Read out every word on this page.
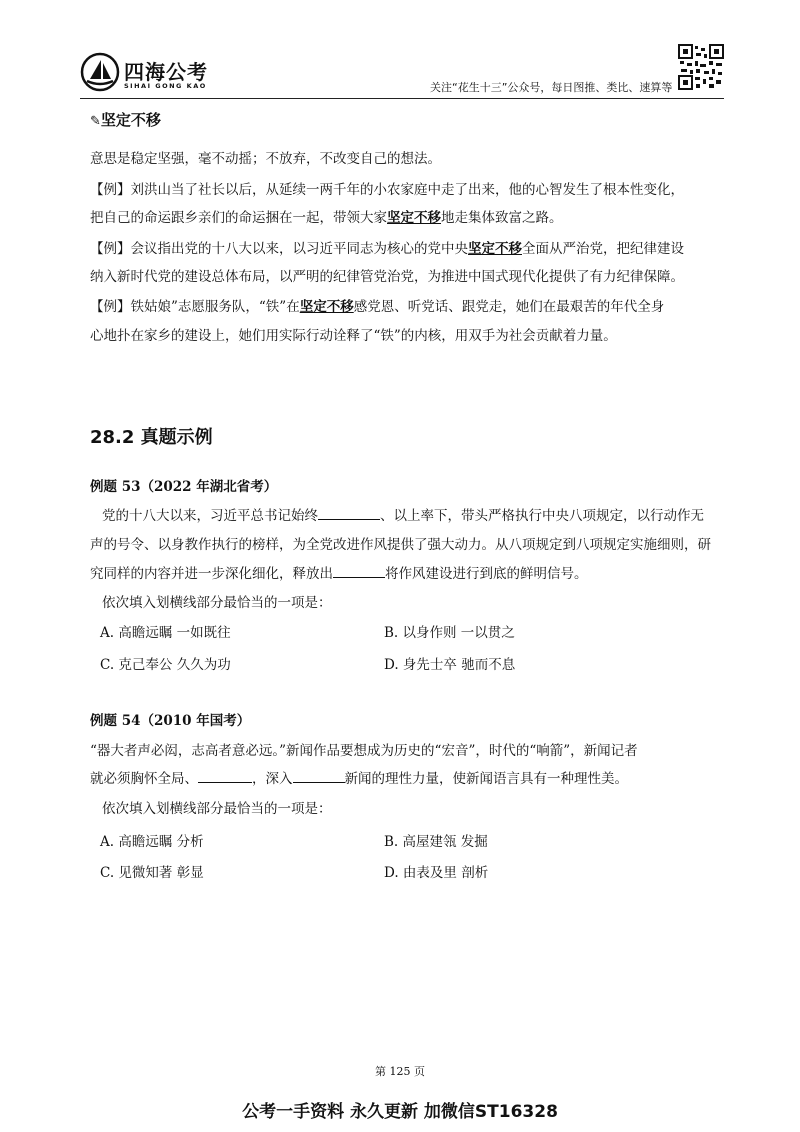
四海公考
SIHAI GONG KAO	关注“花生十三”公众号，每日图推、类比、速算等
✎坚定不移
意思是稳定坚强，毫不动摇；不放弃，不改变自己的想法。
【例】刘洪山当了社长以后，从延续一两千年的小农家庭中走了出来，他的心智发生了根本性变化，
把自己的命运跟乡亲们的命运捆在一起，带领大家坚定不移地走集体致富之路。
【例】会议指出党的十八大以来，以习近平同志为核心的党中央坚定不移全面从严治党，把纪律建设
纳入新时代党的建设总体布局，以严明的纪律管党治党，为推进中国式现代化提供了有力纪律保障。
【例】铁姑娘”志愿服务队，“铁”在坚定不移感党恩、听党话、跟党走，她们在最艰苦的年代全身
心地扑在家乡的建设上，她们用实际行动诠释了“铁”的内核，用双手为社会贡献着力量。
28.2 真题示例
例题 53（2022 年湖北省考）
党的十八大以来，习近平总书记始终	、以上率下，带头严格执行中央八项规定，以行动作无
声的号令、以身教作执行的榜样，为全党改进作风提供了强大动力。从八项规定到八项规定实施细则，研
究同样的内容并进一步深化细化，释放出	将作风建设进行到底的鲜明信号。
依次填入划横线部分最恰当的一项是：
A. 高瞻远瞩 一如既往	B. 以身作则 一以贯之
C. 克己奉公 久久为功	D. 身先士卒 驰而不息
例题 54（2010 年国考）
“器大者声必闳，志高者意必远。”新闻作品要想成为历史的“宏音”，时代的“响箭”，新闻记者
就必须胸怀全局、	，深入	新闻的理性力量，使新闻语言具有一种理性美。
依次填入划横线部分最恰当的一项是：
A. 高瞻远瞩 分析	B. 高屋建瓴 发掘
C. 见微知著 彰显	D. 由表及里 剖析
第 125 页
公考一手资料 永久更新 加微信ST16328
